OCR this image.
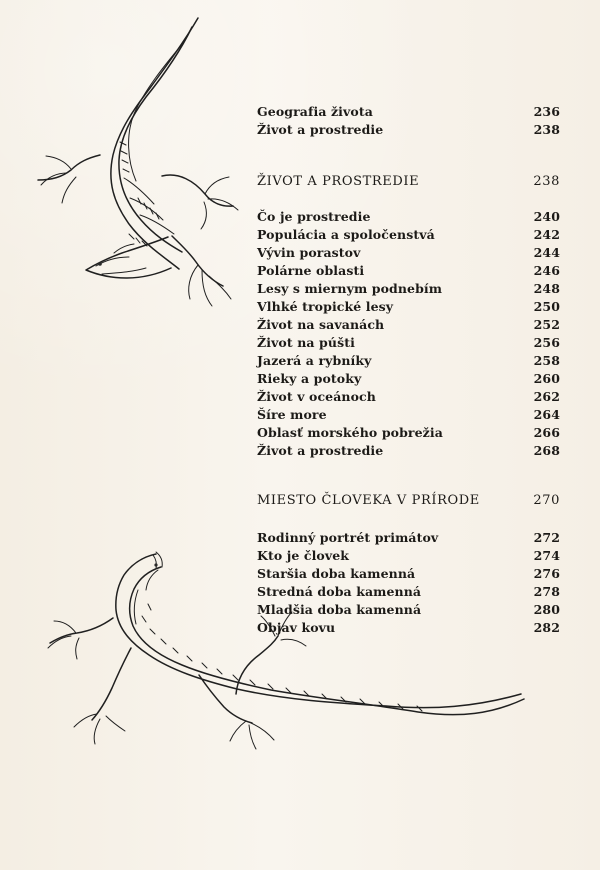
Geografia života	236
Život a prostredie	238
ŽIVOT A PROSTREDIE	238
Čo je prostredie	240
Populácia a spoločenstvá	242
Vývin porastov	244
Polárne oblasti	246
Lesy s miernym podnebím	248
Vlhké tropické lesy	250
Život na savanách	252
Život na púšti	256
Jazerá a rybníky	258
Rieky a potoky	260
Život v oceánoch	262
Šíre more	264
Oblasť morského pobrežia	266
Život a prostredie	268
MIESTO ČLOVEKA V PRÍRODE	270
Rodinný portrét primátov	272
Kto je človek	274
Staršia doba kamenná	276
Stredná doba kamenná	278
Mladšia doba kamenná	280
Objav kovu	282
